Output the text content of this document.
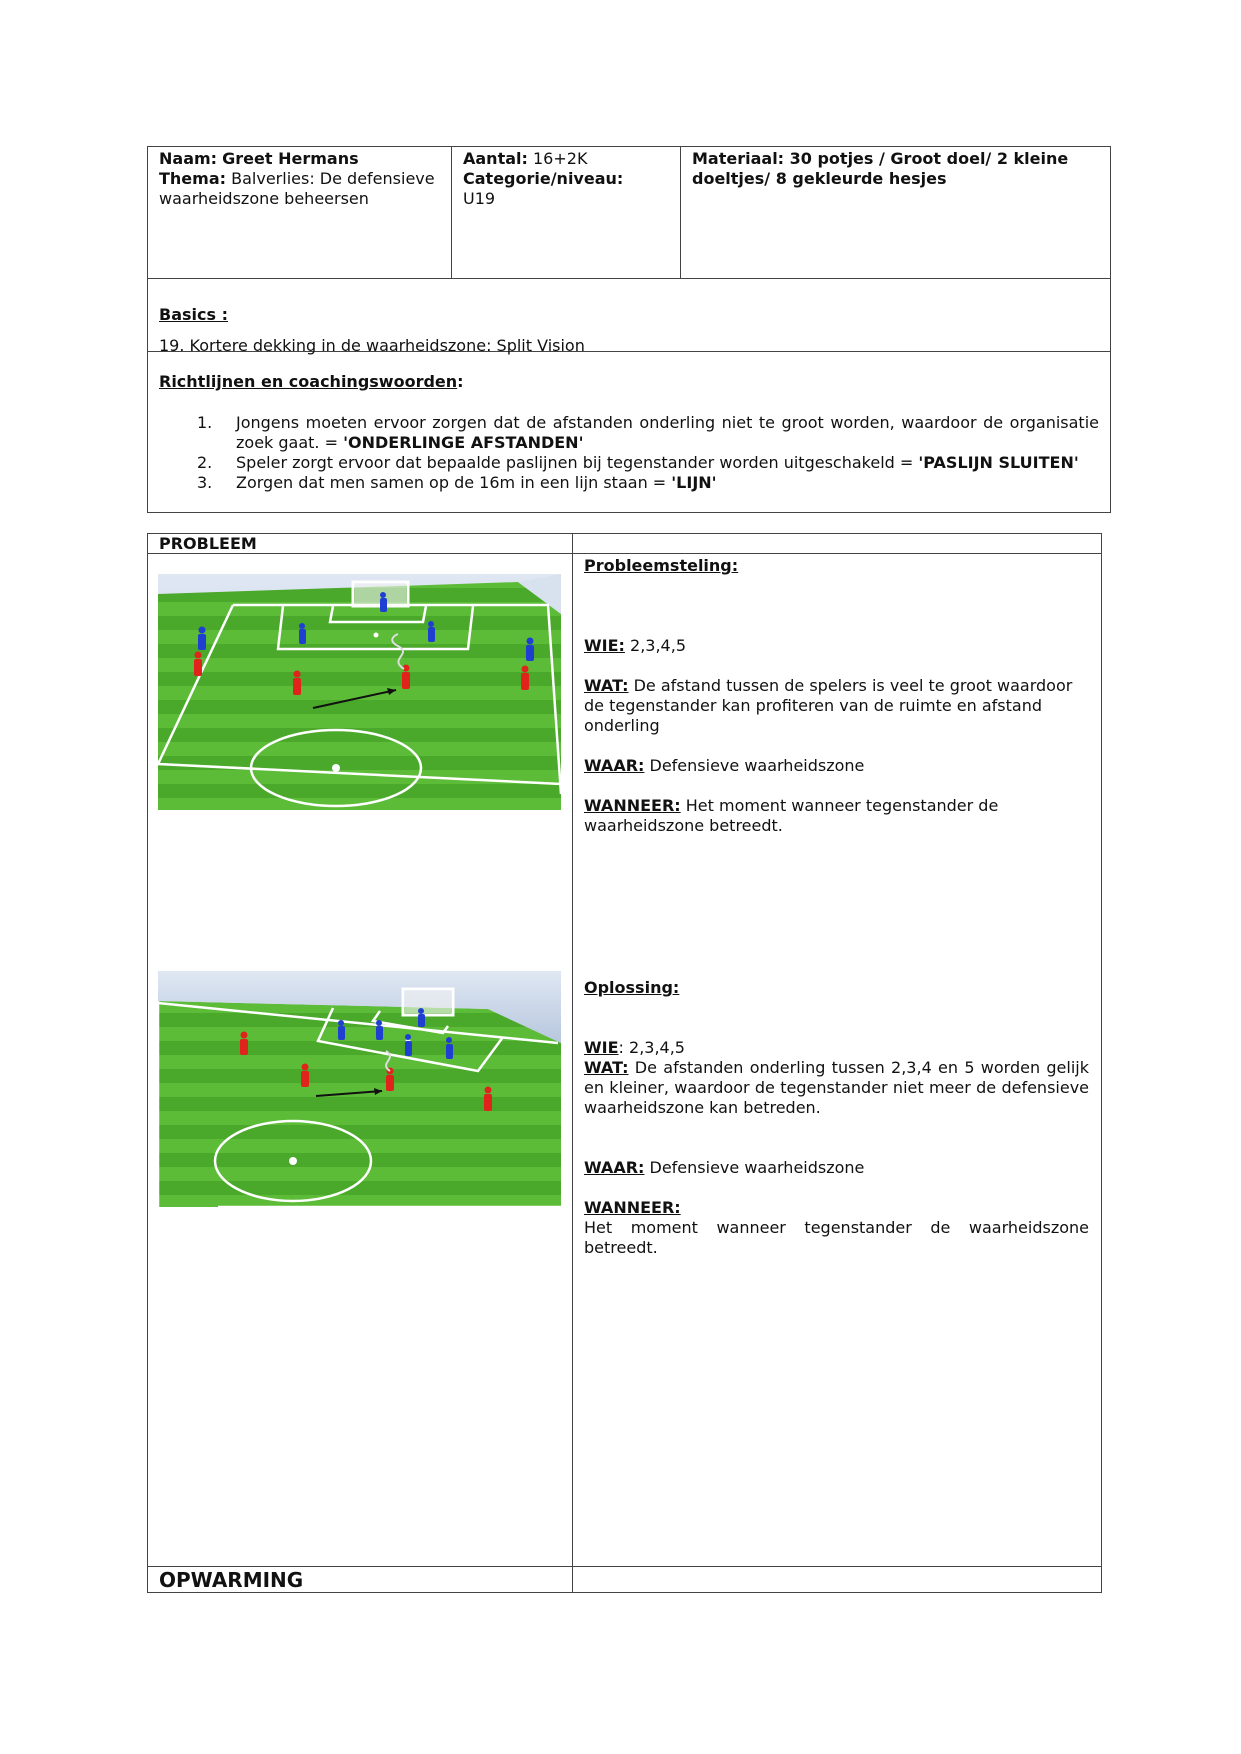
Naam: Greet Hermans

Thema: Balverlies: De defensieve waarheidszone beheersen

Aantal: 16+2K

Categorie/niveau:

U19

Materiaal: 30 potjes / Groot doel/ 2 kleine doeltjes/ 8 gekleurde hesjes

Basics :

19. Kortere dekking in de waarheidszone: Split Vision

Richtlijnen en coachingswoorden:

1. Jongens moeten ervoor zorgen dat de afstanden onderling niet te groot worden, waardoor de organisatie zoek gaat. = 'ONDERLINGE AFSTANDEN'
2. Speler zorgt ervoor dat bepaalde paslijnen bij tegenstander worden uitgeschakeld = 'PASLIJN SLUITEN'
3. Zorgen dat men samen op de 16m in een lijn staan = 'LIJN'
PROBLEEM

Probleemsteling:

WIE: 2,3,4,5

WAT: De afstand tussen de spelers is veel te groot waardoor de tegenstander kan profiteren van de ruimte en afstand onderling

WAAR: Defensieve waarheidszone

WANNEER: Het moment wanneer tegenstander de waarheidszone betreedt.

Oplossing:

WIE: 2,3,4,5

WAT: De afstanden onderling tussen 2,3,4 en 5 worden gelijk en kleiner, waardoor de tegenstander niet meer de defensieve waarheidszone kan betreden.

WAAR: Defensieve waarheidszone

WANNEER:

Het moment wanneer tegenstander de waarheidszone betreedt.

OPWARMING
